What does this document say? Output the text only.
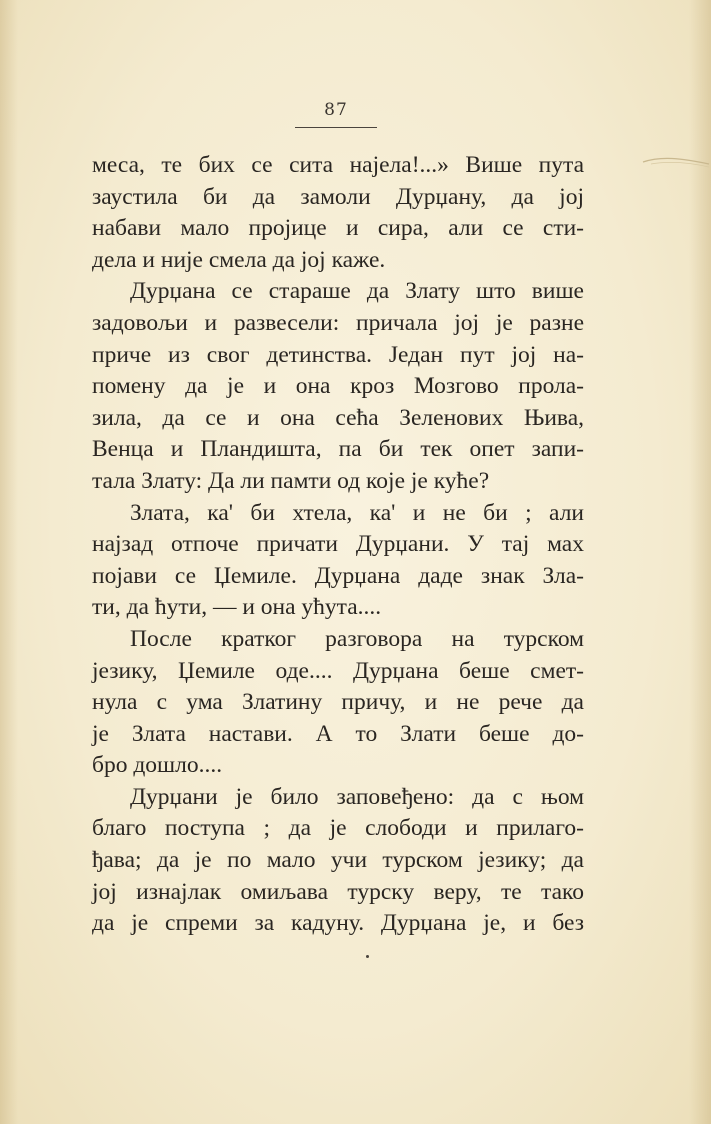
87
меса, те бих се сита најела!...» Више пута
заустила би да замоли Дурџану, да јој
набави мало пројице и сира, али се сти-
дела и није смела да јој каже.
Дурџана се стараше да Злату што више
задовољи и развесели: причала јој је разне
приче из свог детинства. Један пут јој на-
помену да је и она кроз Мозгово прола-
зила, да се и она сећа Зеленових Њива,
Венца и Пландишта, па би тек опет запи-
тала Злату: Да ли памти од које је куће?
Злата, ка' би хтела, ка' и не би ; али
најзад отпоче причати Дурџани. У тај мах
појави се Џемиле. Дурџана даде знак Зла-
ти, да ћути, — и она ућута....
После кратког разговора на турском
језику, Џемиле оде.... Дурџана беше смет-
нула с ума Златину причу, и не рече да
је Злата настави. А то Злати беше до-
бро дошло....
Дурџани је било заповеђено: да с њом
благо поступа ; да је слободи и прилаго-
ђава; да је по мало учи турском језику; да
јој изнајлак омиљава турску веру, те тако
да је спреми за кадуну. Дурџана је, и без
